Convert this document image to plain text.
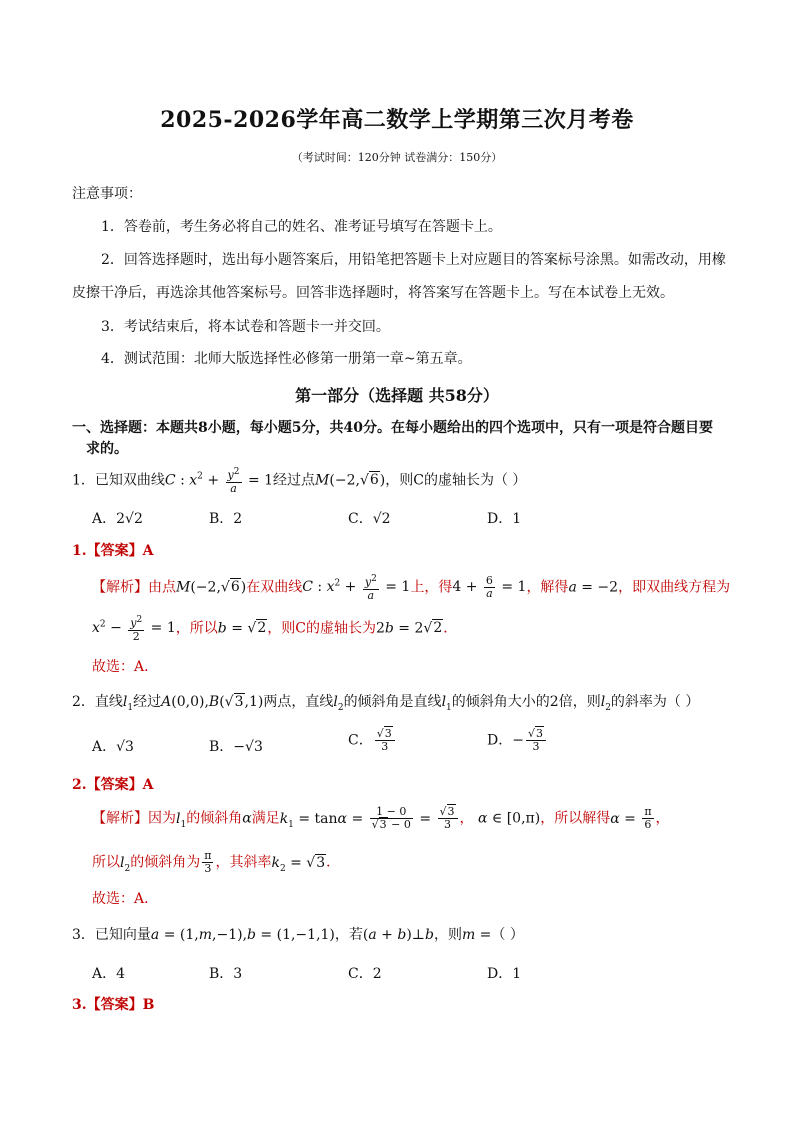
2025-2026学年高二数学上学期第三次月考卷
（考试时间：120分钟 试卷满分：150分）
注意事项：
1．答卷前，考生务必将自己的姓名、准考证号填写在答题卡上。
2．回答选择题时，选出每小题答案后，用铅笔把答题卡上对应题目的答案标号涂黑。如需改动，用橡
皮擦干净后，再选涂其他答案标号。回答非选择题时，将答案写在答题卡上。写在本试卷上无效。
3．考试结束后，将本试卷和答题卡一并交回。
4．测试范围：北师大版选择性必修第一册第一章~第五章。
第一部分（选择题 共58分）
一、选择题：本题共8小题，每小题5分，共40分。在每小题给出的四个选项中，只有一项是符合题目要
求的。
1．已知双曲线C : $x^2 + \frac{y^2}{a} = 1$经过点M(−2,√6)，则C的虚轴长为（ ）
A．2√2	B．2	C．√2	D．1
1.【答案】A
【解析】由点M(−2,√6)在双曲线C : $x^2 + \frac{y^2}{a} = 1$上，得$4 + \frac{6}{a} = 1$，解得a = −2，即双曲线方程为
$x^2 - \frac{y^2}{2} = 1$，所以b = √2，则C的虚轴长为2b = 2√2．
故选：A．
2．直线$l_1$经过A(0,0),B(√3,1)两点，直线$l_2$的倾斜角是直线$l_1$的倾斜角大小的2倍，则$l_2$的斜率为（ ）
A．√3	B．−√3	C． $\frac{√3}{3}$	D．− $\frac{√3}{3}$
2.【答案】A
【解析】因为$l_1$的倾斜角α满足$k_1 = \tan\alpha = \frac{1 - 0}{√3 - 0} = \frac{√3}{3}$ ， α ∈ [0,π)，所以解得$\alpha = \frac{\pi}{6}$ ，
所以$l_2$的倾斜角为 $\frac{\pi}{3}$ ，其斜率$k_2 = √3$．
故选：A．
3．已知向量a = (1,m,−1),b = (1,−1,1)，若(a + b)⊥b，则m =（ ）
A．4	B．3	C．2	D．1
3.【答案】B
